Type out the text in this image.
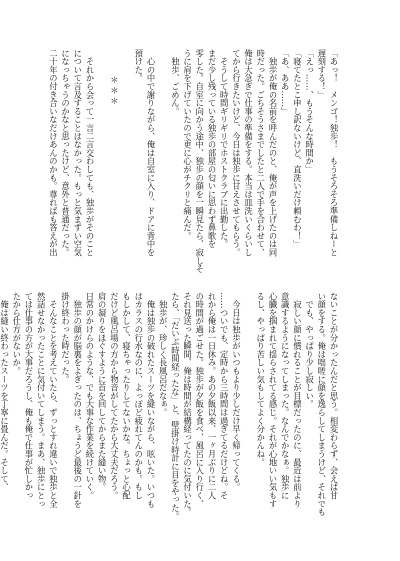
「あっ！　メンゴ！独歩！　もうそろそろ準備しねーと
遅刻する！」
「えっ……、もうそんな時間か」
「寝てたとこ申し訳ないけど、直洗いだけ頼むわ！」
「あ、ああ……」
　独歩が俺の名前を呼んだのと、俺が声を上げたのは同
時だった。ごちそうさまでしたと二人で手を合わせて、
俺は大急ぎで仕事の準備をする。本当は皿洗いくらいし
てから行きたいけど、今日は独歩に甘えさせてもらう。
　そうして時間ギリギリでホストクラブに出勤した。
まだ少し残っている独歩の部屋の匂いに思わず鼻歌を
零した。自室に向かう途中、独歩の顔を一瞬見たら、寂しそ
うに肩を下げていたので更に心がチクリと痛んだ。
　独歩、ごめん。
　心の中で謝りながら、俺は自室に入り、ドアに背中を
預けた。
＊＊＊
　それから会って一言二言交わしても、独歩がそのこと
について言及することはなかった。もっと気まずい空気
になっちゃうのかなと思ったけど、意外と普通だった。
二十年の付き合いなだけあんのかも。尊ればも答えが出
ないことが分かったんだと思う。相変わらず、会えば甘
い顔をする。俺は咄嗟に顔を逸らしてしまうけど、それでも
　でも、やっぱり少し寂しい。
　寂しい顔に慣れることが目標だったのに、最近は前より
意識するようになってしまった。なんでかなぁ。独歩に
心臓を掴まれて揺らされてる感じ。それが心地いい気もす
るし、やっぱり苦しい気もしてよく分かんね。
　今日は独歩がいつもより少しだけ早く帰ってくる。
……ついでも、定時から三時間は過ぎてるだけどね。そ
れから俺は一日休み。あの夕飯以来、一ヶ月ぶりに二人
の時間が過ごせた。独歩が夕飯を食べ、風呂に入り行く、
それ見送った瞬間、俺は時間が結構経ってたのに気付いた。
たら、「だいぶ時間経ったな」と、壁掛け時計に目をやった。
　独歩が、珍しく長風呂だなぁ。
　俺は独歩の破れたスーツを縫いながら、呟いた。いつも
はカラスの行水なのに、よっぽど疲れてんのかも。もし
もしかして、寝ちゃったりしてないかな。ちょっと心配
だけど風呂場の方から物音がしてたから大丈夫だろう。
肩の凝りをほぐすように首を回してからまた縫い物。
日常のかけらのような、でも大事な作業を続けていく。
　独歩の顔が脳裏をよぎったのは、ちょうど最後の一針を
掛け終わった時だった。
　そんなことを考えていたら、ずっとすれ違いで独歩と全
然話せなかったことに気付いてしまう。まあ、独歩にとっ
ては仕事の方が大事だろうし、俺も俺で仕事が忙しかっ
たから仕方がないか。
　俺は縫い終わったスーツを丁寧に畳んだ。そして、
